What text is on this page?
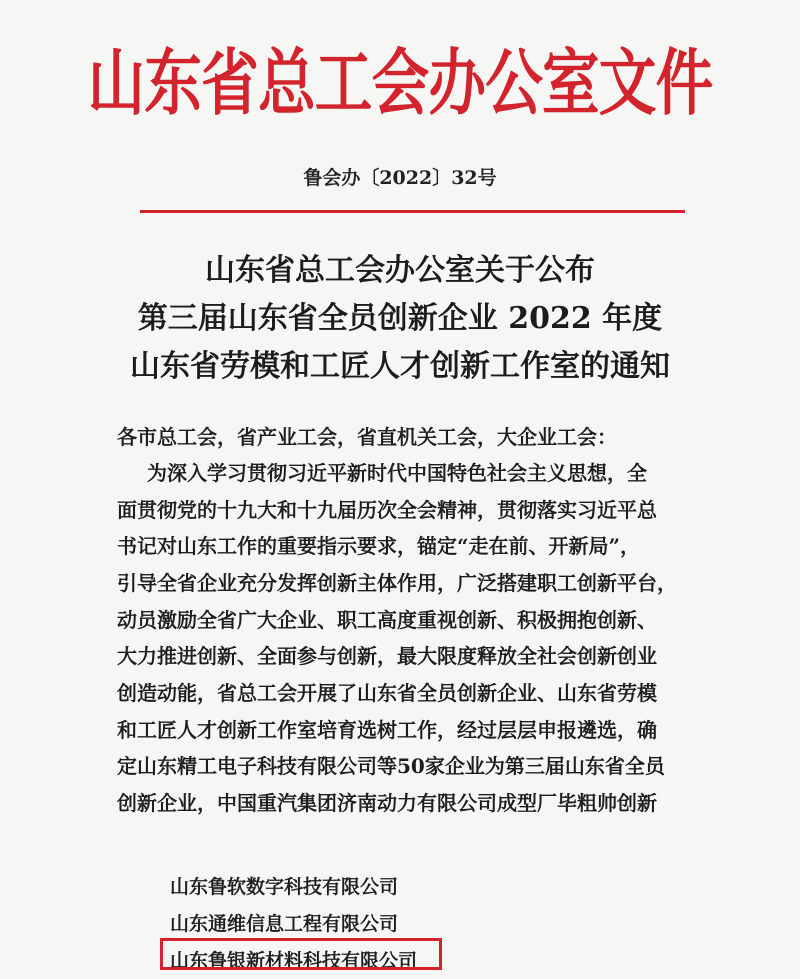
山东省总工会办公室文件
鲁会办〔2022〕32号
山东省总工会办公室关于公布
第三届山东省全员创新企业 2022 年度
山东省劳模和工匠人才创新工作室的通知
各市总工会，省产业工会，省直机关工会，大企业工会：
为深入学习贯彻习近平新时代中国特色社会主义思想，全
面贯彻党的十九大和十九届历次全会精神，贯彻落实习近平总
书记对山东工作的重要指示要求，锚定“走在前、开新局”，
引导全省企业充分发挥创新主体作用，广泛搭建职工创新平台，
动员激励全省广大企业、职工高度重视创新、积极拥抱创新、
大力推进创新、全面参与创新，最大限度释放全社会创新创业
创造动能，省总工会开展了山东省全员创新企业、山东省劳模
和工匠人才创新工作室培育选树工作，经过层层申报遴选，确
定山东精工电子科技有限公司等50家企业为第三届山东省全员
创新企业，中国重汽集团济南动力有限公司成型厂毕粗帅创新
山东鲁软数字科技有限公司
山东通维信息工程有限公司
山东鲁银新材料科技有限公司
